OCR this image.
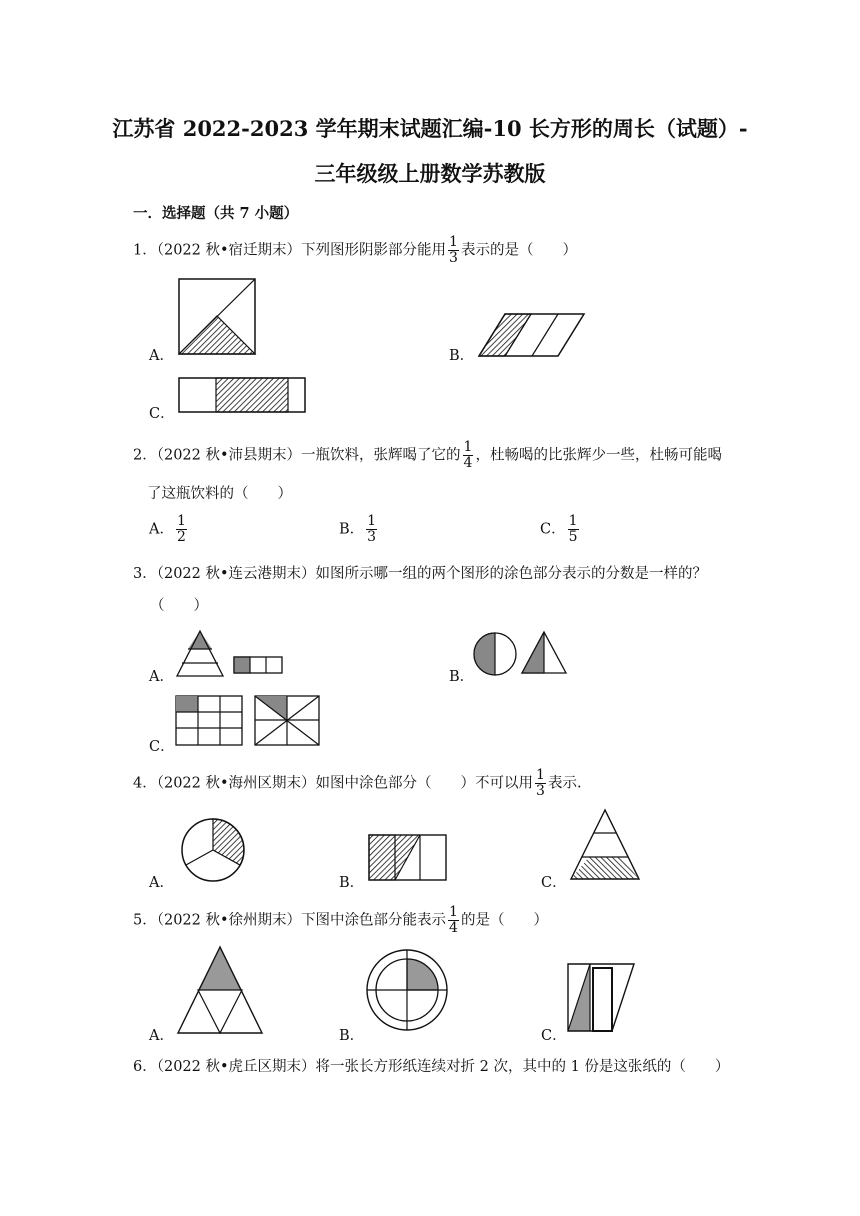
江苏省 2022-2023 学年期末试题汇编-10 长方形的周长（试题）-
三年级级上册数学苏教版
一．选择题（共 7 小题）
1．（2022 秋•宿迁期末）下列图形阴影部分能用 $\frac{1}{3}$ 表示的是（　　）
A．	B．
C．
2．（2022 秋•沛县期末）一瓶饮料，张辉喝了它的 $\frac{1}{4}$ ，杜畅喝的比张辉少一些，杜畅可能喝
了这瓶饮料的（　　）
A． $\frac{1}{2}$	B． $\frac{1}{3}$	C． $\frac{1}{5}$
3．（2022 秋•连云港期末）如图所示哪一组的两个图形的涂色部分表示的分数是一样的？
（　　）
A．	B．
C．
4．（2022 秋•海州区期末）如图中涂色部分（　　）不可以用 $\frac{1}{3}$ 表示.
A．	B．	C．
5．（2022 秋•徐州期末）下图中涂色部分能表示 $\frac{1}{4}$ 的是（　　）
A．	B．	C．
6．（2022 秋•虎丘区期末）将一张长方形纸连续对折 2 次，其中的 1 份是这张纸的（　　）
